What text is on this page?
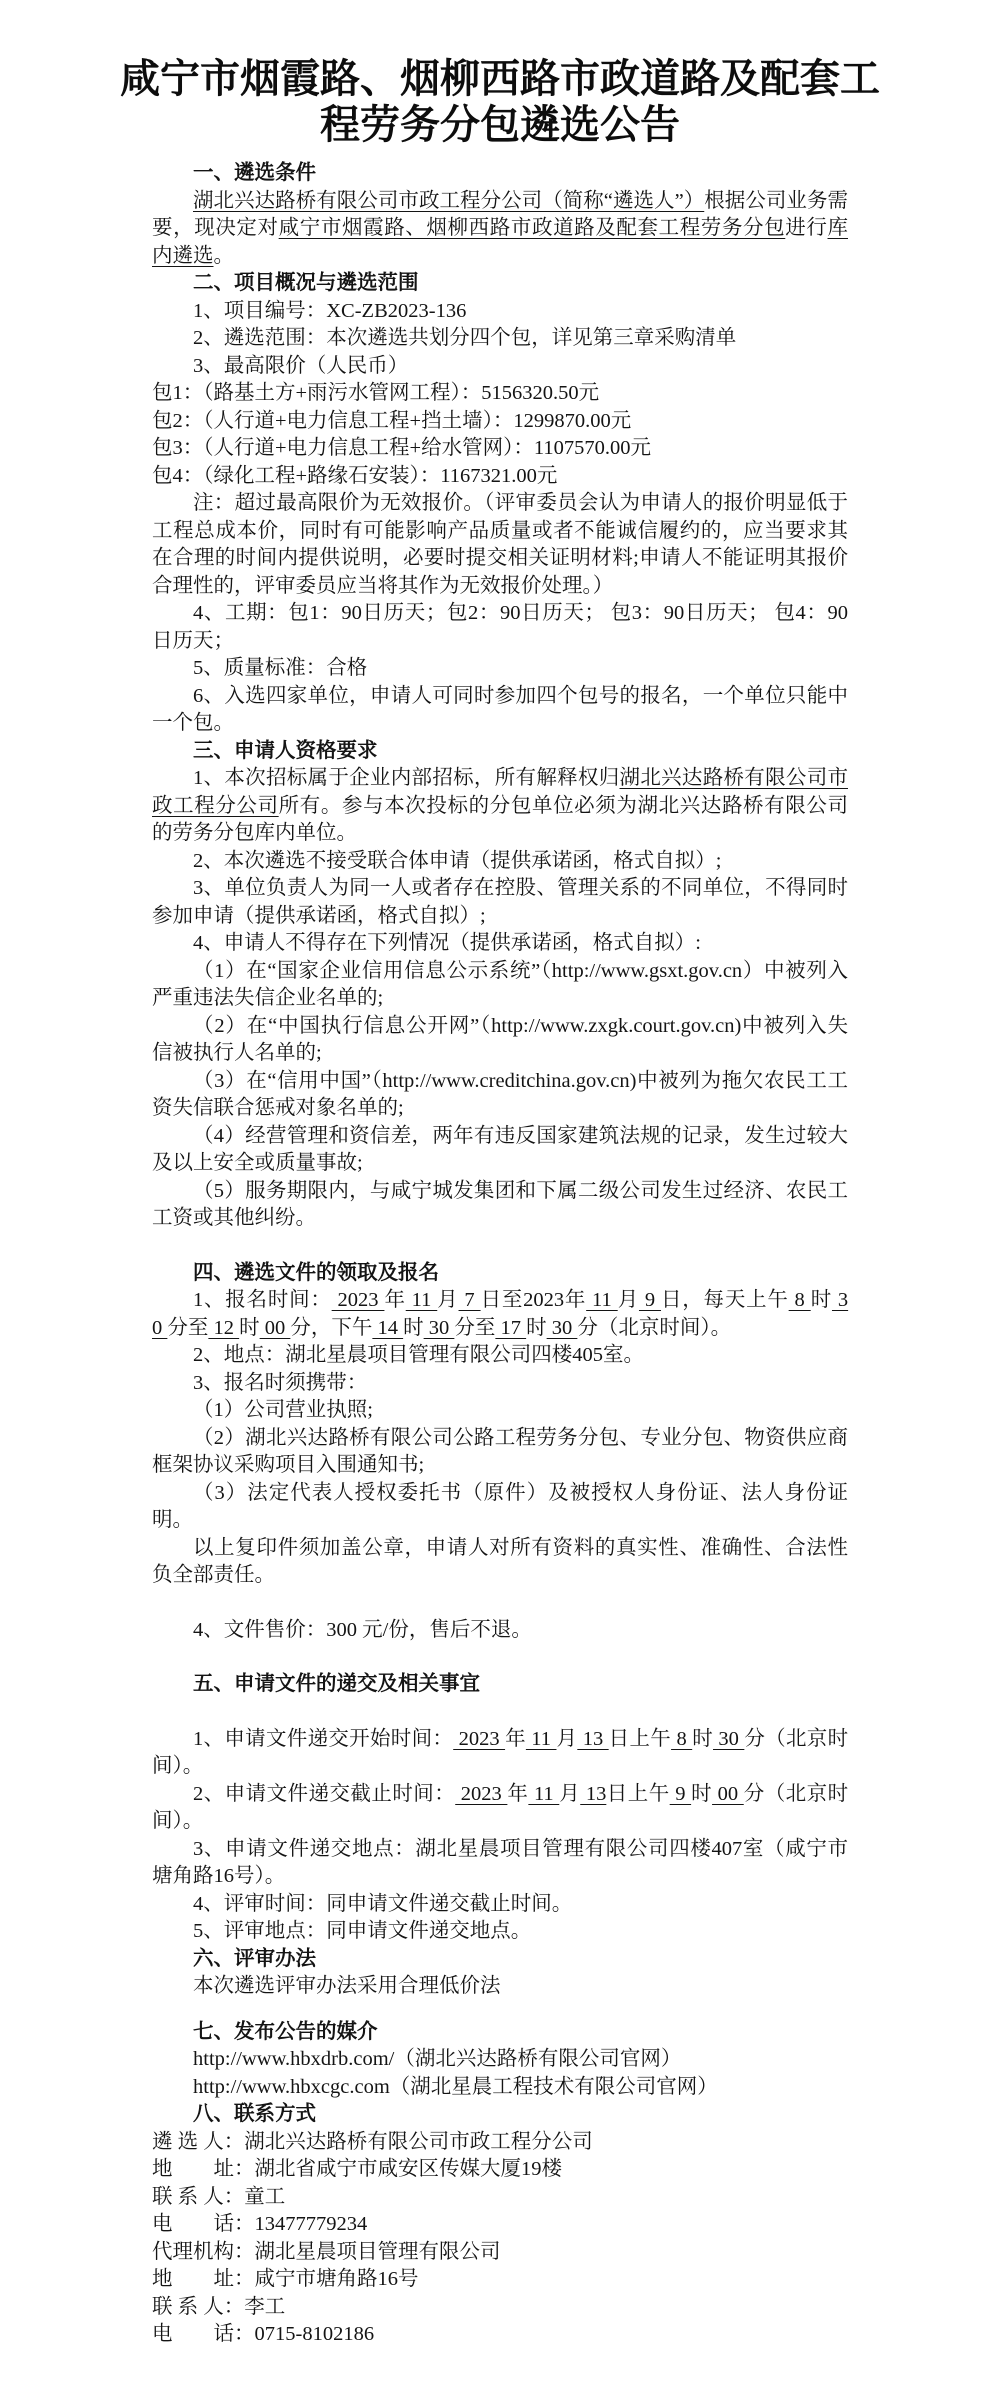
咸宁市烟霞路、烟柳西路市政道路及配套工
程劳务分包遴选公告

一、遴选条件

湖北兴达路桥有限公司市政工程分公司（简称“遴选人”）根据公司业务需要，现决定对咸宁市烟霞路、烟柳西路市政道路及配套工程劳务分包进行库内遴选。

二、项目概况与遴选范围

1、项目编号：XC-ZB2023-136

2、遴选范围：本次遴选共划分四个包，详见第三章采购清单

3、最高限价（人民币）

包1：（路基土方+雨污水管网工程）：5156320.50元

包2：（人行道+电力信息工程+挡土墙）：1299870.00元

包3：（人行道+电力信息工程+给水管网）：1107570.00元

包4：（绿化工程+路缘石安装）：1167321.00元

注：超过最高限价为无效报价。（评审委员会认为申请人的报价明显低于工程总成本价，同时有可能影响产品质量或者不能诚信履约的，应当要求其在合理的时间内提供说明，必要时提交相关证明材料;申请人不能证明其报价合理性的，评审委员应当将其作为无效报价处理。）

4、工期：包1：90日历天；包2：90日历天； 包3：90日历天； 包4：90日历天；

5、质量标准：合格

6、入选四家单位，申请人可同时参加四个包号的报名，一个单位只能中一个包。

三、申请人资格要求

1、本次招标属于企业内部招标，所有解释权归湖北兴达路桥有限公司市政工程分公司所有。参与本次投标的分包单位必须为湖北兴达路桥有限公司的劳务分包库内单位。

2、本次遴选不接受联合体申请（提供承诺函，格式自拟）;

3、单位负责人为同一人或者存在控股、管理关系的不同单位，不得同时参加申请（提供承诺函，格式自拟）;

4、申请人不得存在下列情况（提供承诺函，格式自拟）:

（1）在“国家企业信用信息公示系统”（http://www.gsxt.gov.cn）中被列入严重违法失信企业名单的;

（2）在“中国执行信息公开网”（http://www.zxgk.court.gov.cn)中被列入失信被执行人名单的;

（3）在“信用中国”（http://www.creditchina.gov.cn)中被列为拖欠农民工工资失信联合惩戒对象名单的;

（4）经营管理和资信差，两年有违反国家建筑法规的记录，发生过较大及以上安全或质量事故;

（5）服务期限内，与咸宁城发集团和下属二级公司发生过经济、农民工工资或其他纠纷。

四、遴选文件的领取及报名

1、报名时间： 2023 年 11 月 7 日至2023年 11 月 9 日，每天上午 8 时 30 分至 12 时 00 分，下午 14 时 30 分至 17 时 30 分（北京时间）。

2、地点：湖北星晨项目管理有限公司四楼405室。

3、报名时须携带：

（1）公司营业执照;

（2）湖北兴达路桥有限公司公路工程劳务分包、专业分包、物资供应商框架协议采购项目入围通知书;

（3）法定代表人授权委托书（原件）及被授权人身份证、法人身份证明。

以上复印件须加盖公章，申请人对所有资料的真实性、准确性、合法性负全部责任。

4、文件售价：300 元/份，售后不退。

五、申请文件的递交及相关事宜

1、申请文件递交开始时间： 2023 年 11 月 13 日上午 8 时 30 分（北京时间）。

2、申请文件递交截止时间： 2023 年 11 月 13日上午 9 时 00 分（北京时间）。

3、申请文件递交地点：湖北星晨项目管理有限公司四楼407室（咸宁市塘角路16号）。

4、评审时间：同申请文件递交截止时间。

5、评审地点：同申请文件递交地点。

六、评审办法

本次遴选评审办法采用合理低价法

七、发布公告的媒介

http://www.hbxdrb.com/（湖北兴达路桥有限公司官网）

http://www.hbxcgc.com（湖北星晨工程技术有限公司官网）

八、联系方式

遴 选 人：湖北兴达路桥有限公司市政工程分公司

地　　址：湖北省咸宁市咸安区传媒大厦19楼

联 系 人：童工

电　　话：13477779234

代理机构：湖北星晨项目管理有限公司

地　　址：咸宁市塘角路16号

联 系 人：李工

电　　话：0715-8102186
